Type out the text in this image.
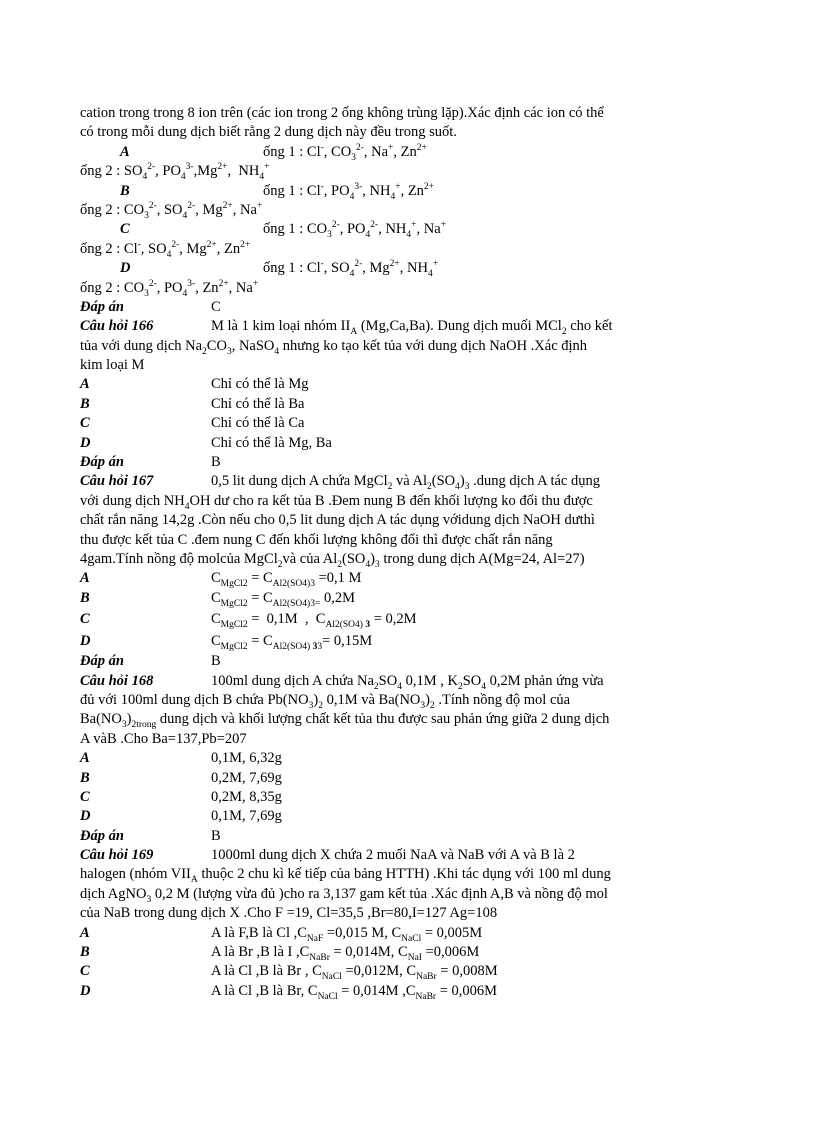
cation trong trong 8 ion trên (các ion trong 2 ống không trùng lặp).Xác định các ion có thể
có trong mỗi dung dịch biết rằng 2 dung dịch này đều trong suốt.
A	ống 1 : Cl-, $CO_3^{2-}$, Na+, $Zn^{2+}$
ống 2 : $SO_4^{2-}$, $PO_4^{3-},Mg^{2+}$,  $NH_4^+$
B	ống 1 : Cl-, $PO_4^{3-}$, $NH_4^+$, $Zn^{2+}$
ống 2 : $CO_3^{2-}$, $SO_4^{2-}$, $Mg^{2+}$, Na+
C	ống 1 : $CO_3^{2-}$, $PO_4^{2-}$, $NH_4^+$, Na+
ống 2 : Cl-, $SO_4^{2-}$, $Mg^{2+}$, $Zn^{2+}$
D	ống 1 : Cl-, $SO_4^{2-}$, $Mg^{2+}$, $NH_4^+$
ống 2 : $CO_3^{2-}$, $PO_4^{3-}$, $Zn^{2+}$, Na+
Đáp án	C
Câu hỏi 166	M là 1 kim loại nhóm $II_A$ (Mg,Ca,Ba). Dung dịch muối MCl$_2$ cho kết
tủa với dung dịch $Na_2CO_3$, NaSO$_4$ nhưng ko tạo kết tủa với dung dịch NaOH .Xác định
kim loại M
A	Chỉ có thể là Mg
B	Chỉ có thể là Ba
C	Chỉ có thể là Ca
D	Chỉ có thể là Mg, Ba
Đáp án	B
Câu hỏi 167	0,5 lit dung dịch A chứa MgCl$_2$ và $Al_2(SO_4)_3$ .dung dịch A tác dụng
với dung dịch $NH_4OH$ dư cho ra kết tủa B .Đem nung B đến khối lượng ko đổi thu được
chất rắn năng 14,2g .Còn nếu cho 0,5 lit dung dịch A tác dụng vớidung dịch NaOH dưthì
thu được kết tủa C .đem nung C đến khối lượng không đổi thì được chất rắn năng
4gam.Tính nồng độ molcủa MgCl$_2$và của $Al_2(SO_4)_3$ trong dung dịch A(Mg=24, Al=27)
A	$C_{MgCl2} = C_{Al2(SO4)3} =0,1$ M
B	$C_{MgCl2} = C_{Al2(SO4)3=}$ 0,2M
C	$C_{MgCl2} = 0,1M$  ,  $C_{Al2(SO4) 3} = 0,2M$
D	$C_{MgCl2} = C_{Al2(SO4) 33}= 0,15M$
Đáp án	B
Câu hỏi 168	100ml dung dịch A chứa $Na_2SO_4$ 0,1M , $K_2SO_4$ 0,2M phản ứng vừa
đủ với 100ml dung dịch B chứa $Pb(NO_3)_2$ 0,1M và $Ba(NO_3)_2$ .Tính nồng độ mol của
$Ba(NO_3)_{2trong}$ dung dịch và khối lượng chất kết tủa thu được sau phản ứng giữa 2 dung dịch
A vàB .Cho Ba=137,Pb=207
A	0,1M, 6,32g
B	0,2M, 7,69g
C	0,2M, 8,35g
D	0,1M, 7,69g
Đáp án	B
Câu hỏi 169	1000ml dung dịch X chứa 2 muối NaA và NaB với A và B là 2
halogen (nhóm $VII_A$ thuộc 2 chu kì kế tiếp của bảng HTTH) .Khi tác dụng với 100 ml dung
dịch AgNO$_3$ 0,2 M (lượng vừa đủ )cho ra 3,137 gam kết tủa .Xác định A,B và nồng độ mol
của NaB trong dung dịch X .Cho F =19, Cl=35,5 ,Br=80,I=127 Ag=108
A	A là F,B là Cl $,C_{NaF} =0,015$ M, $C_{NaCl} = 0,005M$
B	A là Br ,B là I $,C_{NaBr} = 0,014M$, $C_{NaI} =0,006M$
C	A là Cl ,B là Br , $C_{NaCl} =0,012M$, $C_{NaBr} = 0,008M$
D	A là Cl ,B là Br, $C_{NaCl} = 0,014M$ $,C_{NaBr} = 0,006M$
